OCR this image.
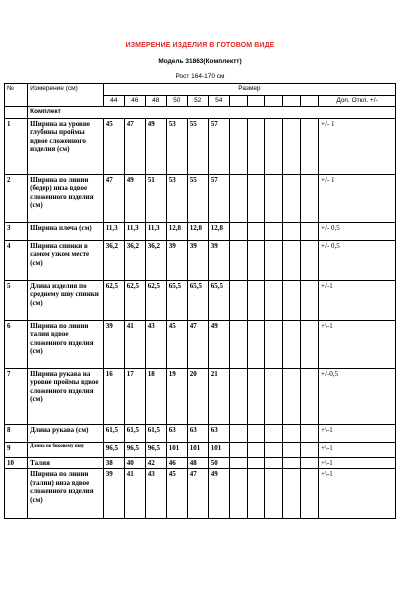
ИЗМЕРЕНИЕ ИЗДЕЛИЯ В ГОТОВОМ ВИДЕ
Модель 31863(Комплектт)
Рост 164-170 см
№	Измерение (см)	Размер											
		44	46	48	50	52	54						Доп. Откл. +/-
	Комплект												
1	Ширина на уровне глубины проймы вдвое сложенного изделия (см)	45	47	49	53	55	57						+/- 1
2	Ширина по линии (бедер) низа вдвое сложенного изделия (см)	47	49	51	53	55	57						+/- 1
3	Ширина плеча (см)	11,3	11,3	11,3	12,8	12,8	12,8						+/- 0,5
4	Ширина спинки в самом узком месте (см)	36,2	36,2	36,2	39	39	39						+/- 0,5
5	Длина изделия по среднему шву спинки (см)	62,5	62,5	62,5	65,5	65,5	65,5						+/-1
6	Ширина по линии талии вдвое сложенного изделия (см)	39	41	43	45	47	49						+\-1
7	Ширина рукава на уровне проймы вдвое сложенного изделия (см)	16	17	18	19	20	21						+/-0,5
8	Длина рукава (см)	61,5	61,5	61,5	63	63	63						+\-1
9	Длина по боковому шву	96,5	96,5	96,5	101	101	101						+\-1
10	Талия	38	40	42	46	48	50						+\-1
	Ширина по линии (талии) низа вдвое сложенного изделия (см)	39	41	43	45	47	49						+\-1
